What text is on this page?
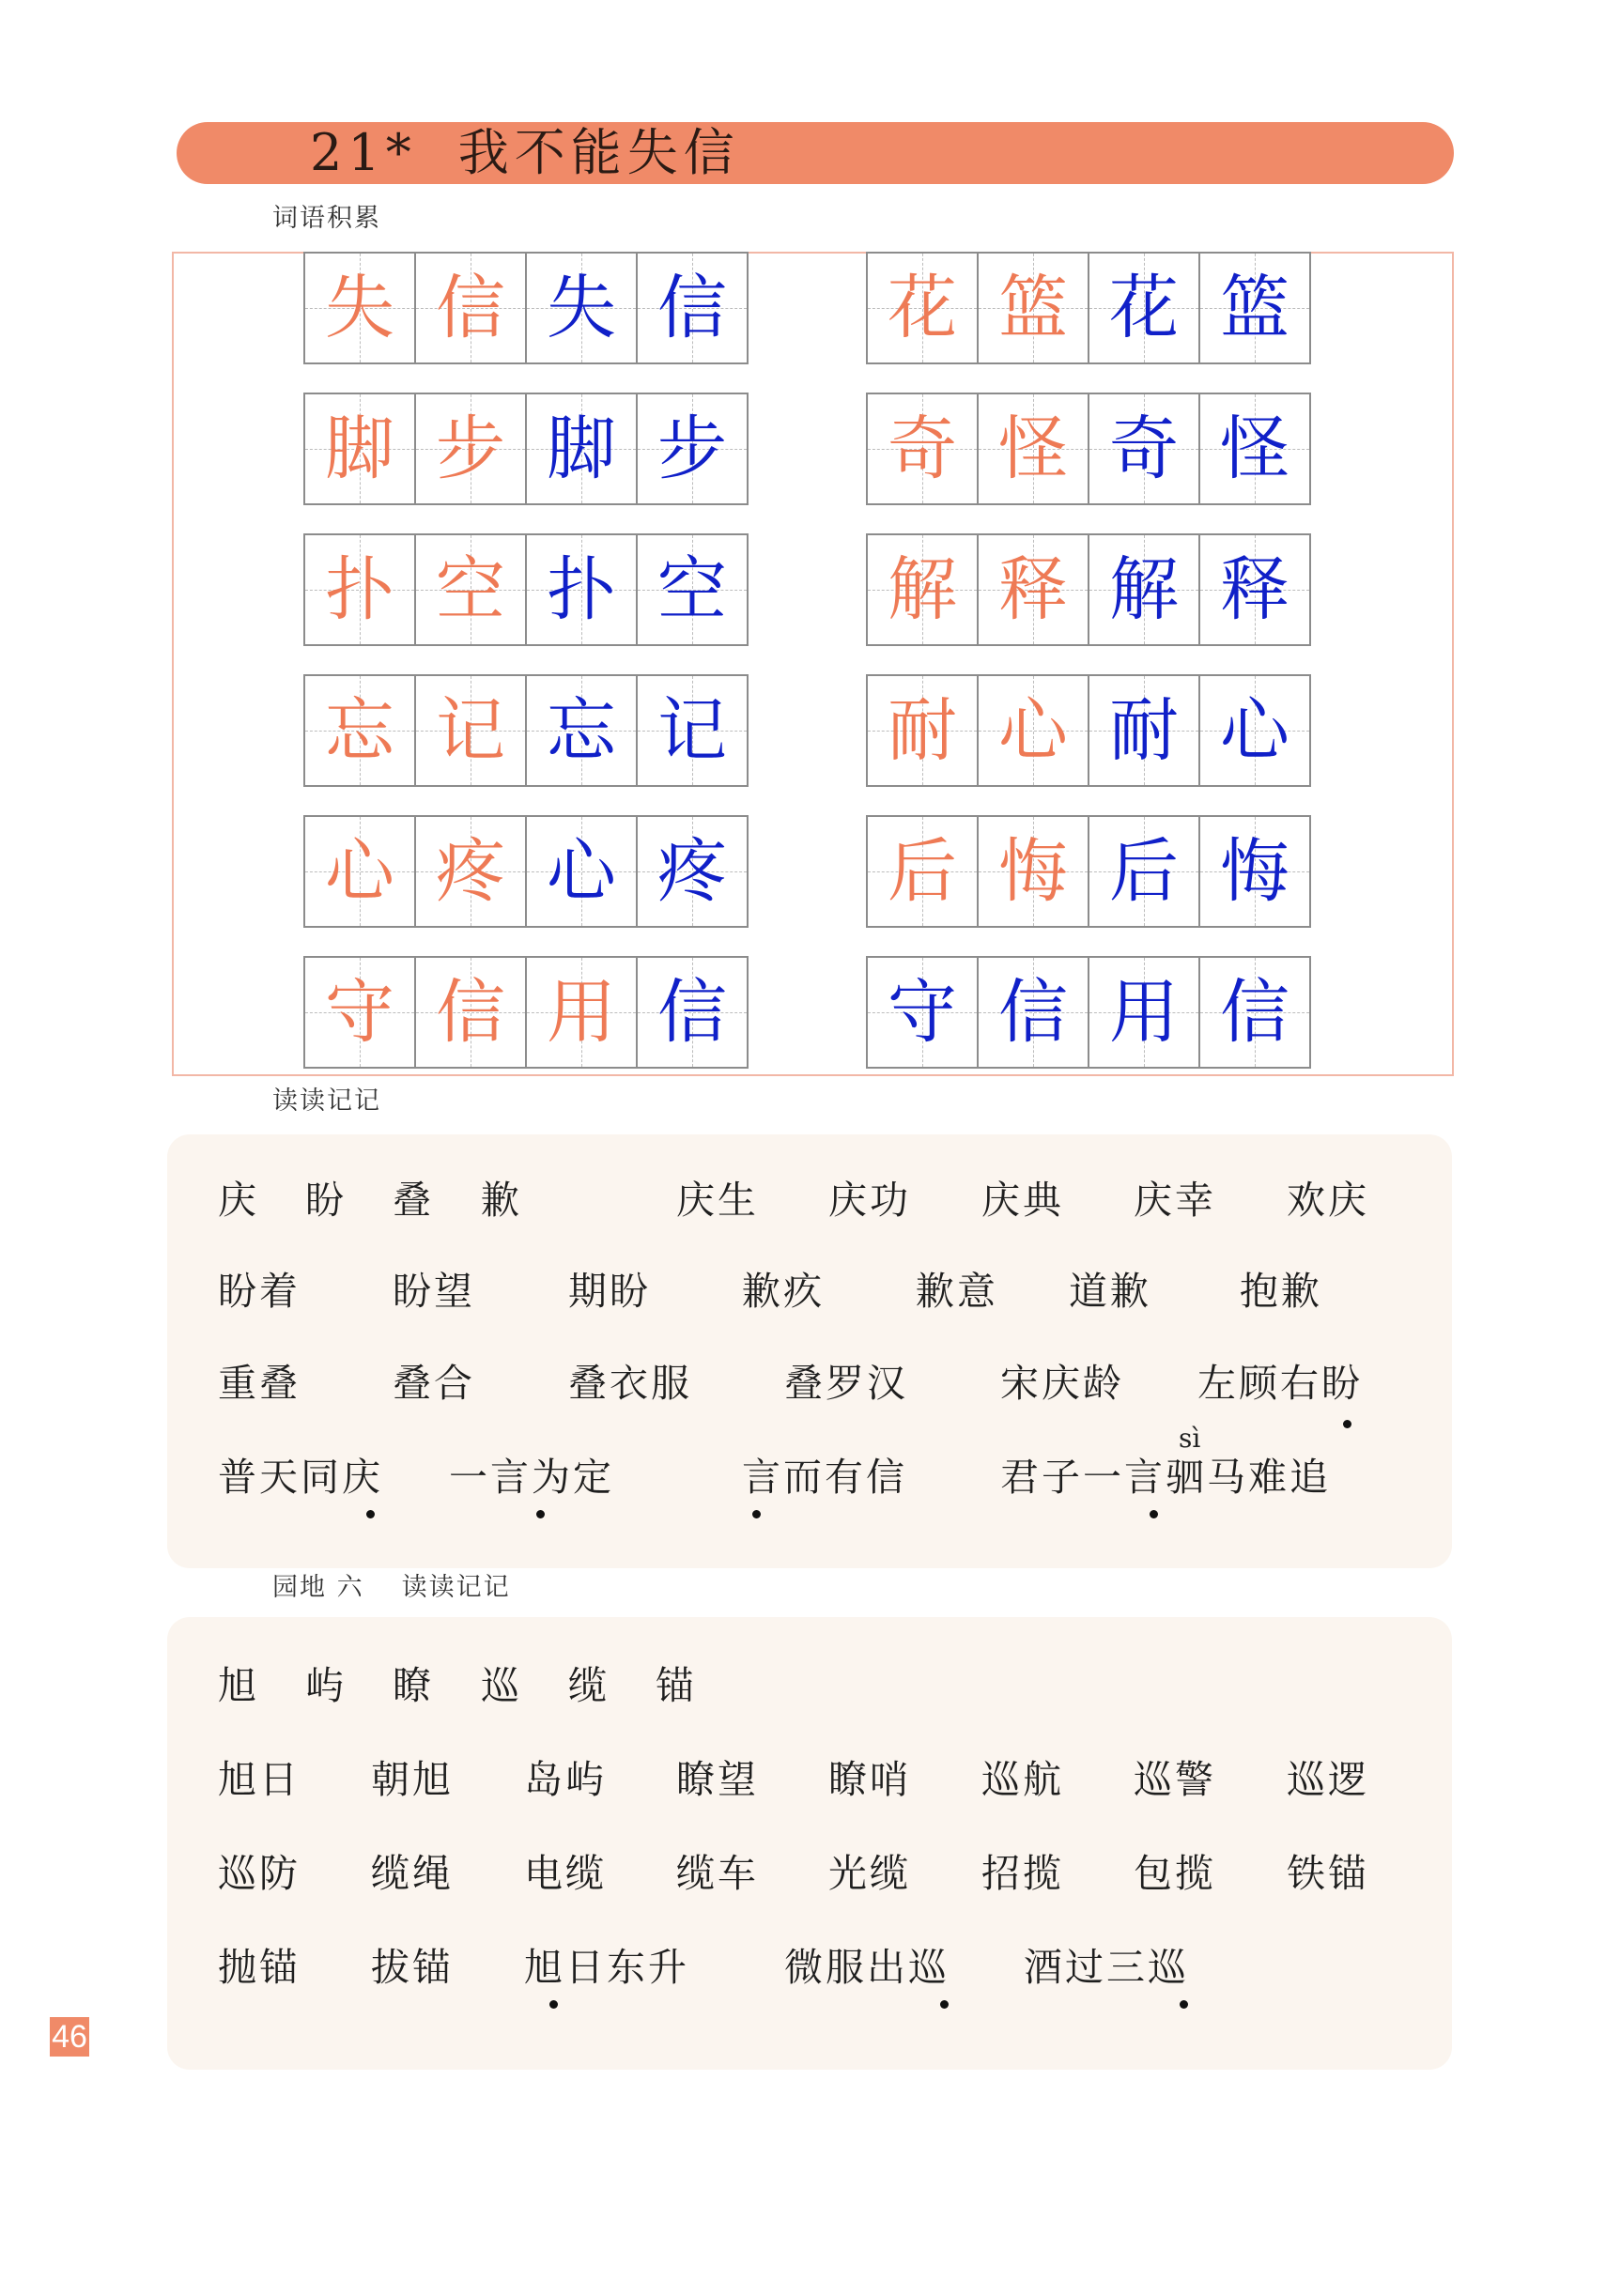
21* 我不能失信
词语积累
失 信 失 信 花 篮 花 篮
脚 步 脚 步 奇 怪 奇 怪
扑 空 扑 空 解 释 解 释
忘 记 忘 记 耐 心 耐 心
心 疼 心 疼 后 悔 后 悔
守 信 用 信 守 信 用 信
读读记记
庆 盼 叠 歉	庆生 庆功 庆典 庆幸 欢庆
盼着 盼望 期盼 歉疚 歉意 道歉 抱歉
重叠 叠合 叠衣服 叠罗汉 宋庆龄 左顾右盼
sì
普天同庆 一言为定	言而有信 君子一言驷马难追
园地 六 读读记记
旭 屿 瞭 巡 缆 锚
旭日 朝旭 岛屿 瞭望 瞭哨 巡航 巡警 巡逻
巡防 缆绳 电缆 缆车 光缆 招揽 包揽 铁锚
抛锚 拔锚 旭日东升 微服出巡 酒过三巡
46
